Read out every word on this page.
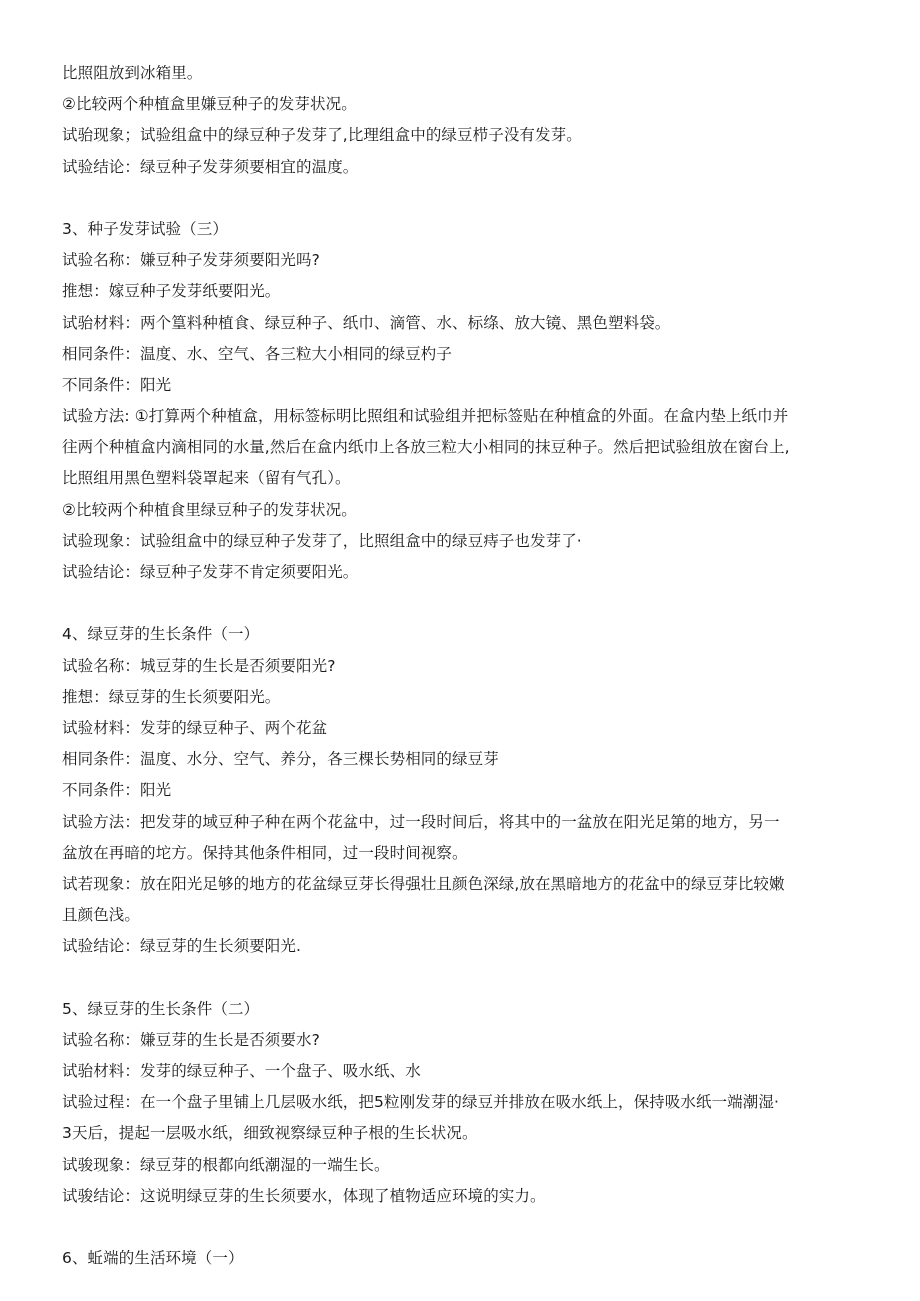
比照阻放到冰箱里。
②比较两个种植盒里嫌豆种子的发芽状况。
试骀现象；试验组盒中的绿豆种子发芽了,比理组盒中的绿豆栉子没有发芽。
试验结论：绿豆种子发芽须要相宜的温度。
3、种子发芽试验（三）
试验名称：嫌豆种子发芽须要阳光吗?
推想：嫁豆种子发芽纸要阳光。
试骀材料：两个篁料种植食、绿豆种子、纸巾、滴管、水、标绦、放大镜、黑色塑料袋。
相同条件：温度、水、空气、各三粒大小相同的绿豆杓子
不同条件：阳光
试验方法: ①打算两个种植盒，用标签标明比照组和试验组并把标签贴在种植盒的外面。在盒内垫上纸巾并
往两个种植盒内滴相同的水量,然后在盒内纸巾上各放三粒大小相同的抹豆种子。然后把试验组放在窗台上,
比照组用黑色塑料袋罩起来（留有气孔）。
②比较两个种植食里绿豆种子的发芽状况。
试验现象：试验组盒中的绿豆种子发芽了，比照组盒中的绿豆痔子也发芽了·
试验结论：绿豆种子发芽不肯定须要阳光。
4、绿豆芽的生长条件（一）
试验名称：城豆芽的生长是否须要阳光?
推想：绿豆芽的生长须要阳光。
试验材料：发芽的绿豆种子、两个花盆
相同条件：温度、水分、空气、养分，各三棵长势相同的绿豆芽
不同条件：阳光
试验方法：把发芽的域豆种子种在两个花盆中，过一段时间后，将其中的一盆放在阳光足第的地方，另一
盆放在再暗的坨方。保持其他条件相同，过一段时间视察。
试若现象：放在阳光足够的地方的花盆绿豆芽长得强壮且颜色深绿,放在黑暗地方的花盆中的绿豆芽比较嫩
且颜色浅。
试验结论：绿豆芽的生长须要阳光.
5、绿豆芽的生长条件（二）
试验名称：嫌豆芽的生长是否须要水?
试骀材料：发芽的绿豆种子、一个盘子、吸水纸、水
试验过程：在一个盘子里铺上几层吸水纸，把5粒刚发芽的绿豆并排放在吸水纸上，保持吸水纸一端潮湿·
3天后，提起一层吸水纸，细致视察绿豆种子根的生长状况。
试骏现象：绿豆芽的根都向纸潮湿的一端生长。
试骏结论：这说明绿豆芽的生长须要水，体现了植物适应环境的实力。
6、蚯端的生活环境（一）
